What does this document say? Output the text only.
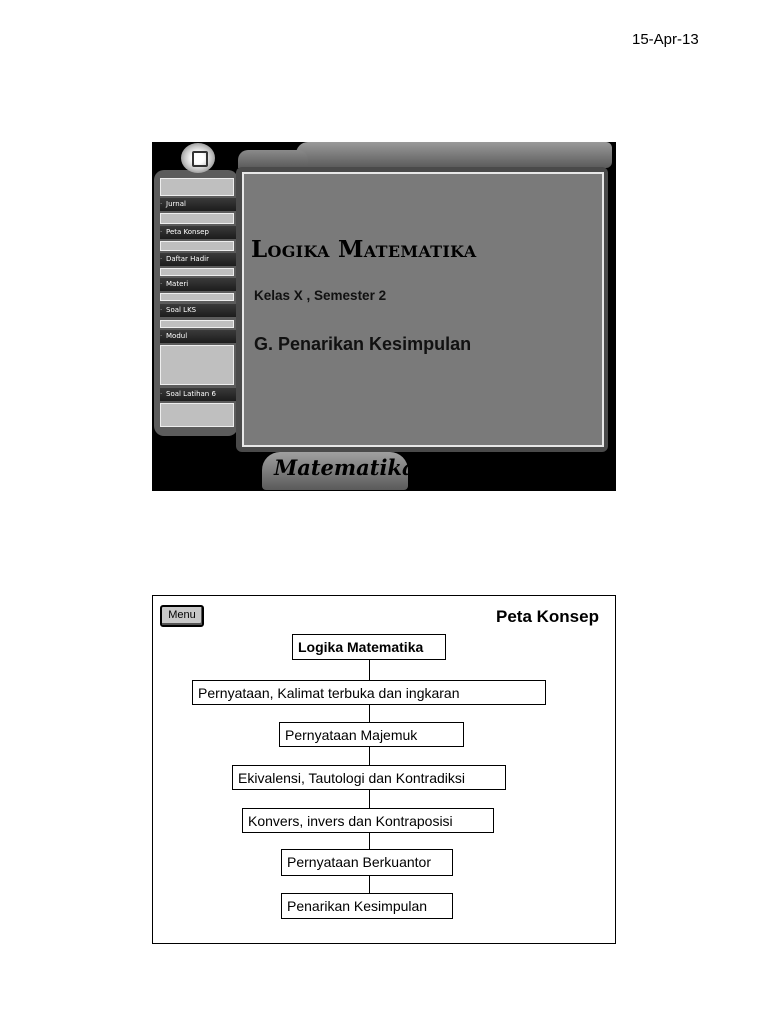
15-Apr-13
· Jurnal
· Peta Konsep
· Daftar Hadir
· Materi
· Soal LKS
· Modul
· Soal Latihan 6
Logika Matematika
Kelas X , Semester 2
G. Penarikan Kesimpulan
Matematika
Menu	Peta Konsep
Logika Matematika
Pernyataan, Kalimat terbuka dan ingkaran
Pernyataan Majemuk
Ekivalensi, Tautologi dan Kontradiksi
Konvers, invers dan Kontraposisi
Pernyataan Berkuantor
Penarikan Kesimpulan
